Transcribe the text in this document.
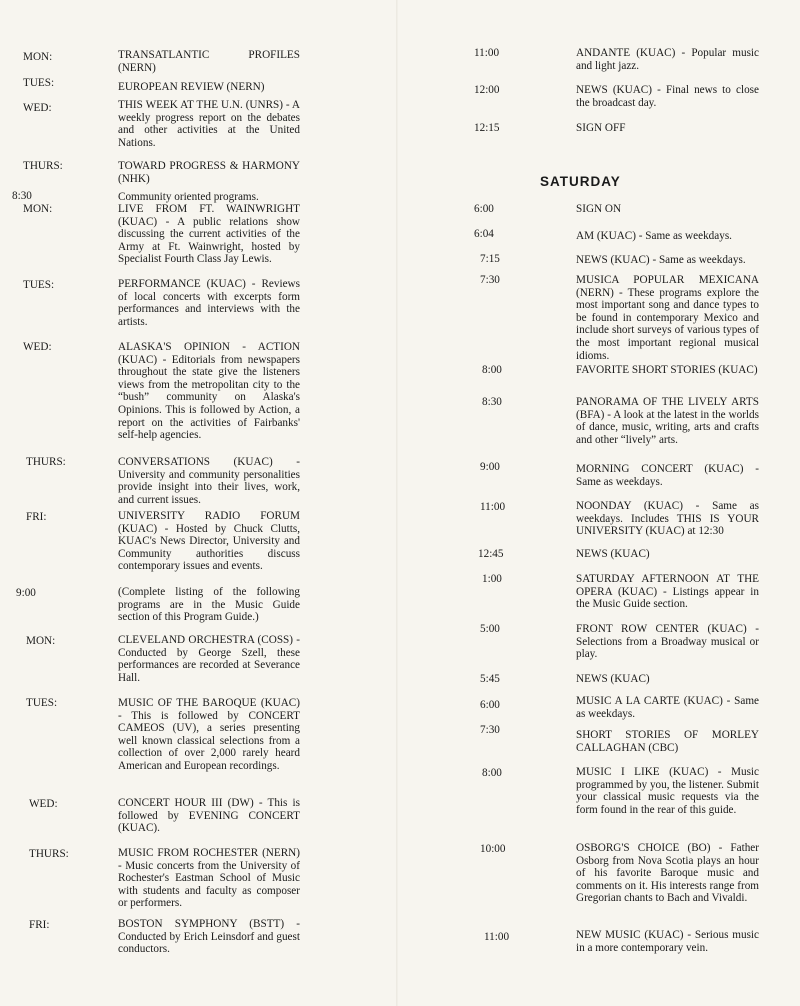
MON:	TRANSATLANTIC PROFILES (NERN)
TUES:	EUROPEAN REVIEW (NERN)
WED:	THIS WEEK AT THE U.N. (UNRS) - A weekly progress report on the debates and other activities at the United Nations.
THURS:	TOWARD PROGRESS & HARMONY (NHK)
8:30	Community oriented programs.
MON:	LIVE FROM FT. WAINWRIGHT (KUAC) - A public relations show discussing the current activities of the Army at Ft. Wainwright, hosted by Specialist Fourth Class Jay Lewis.
TUES:	PERFORMANCE (KUAC) - Reviews of local concerts with excerpts form performances and interviews with the artists.
WED:	ALASKA'S OPINION - ACTION (KUAC) - Editorials from newspapers throughout the state give the listeners views from the metropolitan city to the “bush” community on Alaska's Opinions. This is followed by Action, a report on the activities of Fairbanks' self-help agencies.
THURS:	CONVERSATIONS (KUAC) - University and community personalities provide insight into their lives, work, and current issues.
FRI:	UNIVERSITY RADIO FORUM (KUAC) - Hosted by Chuck Clutts, KUAC's News Director, University and Community authorities discuss contemporary issues and events.
9:00	(Complete listing of the following programs are in the Music Guide section of this Program Guide.)
MON:	CLEVELAND ORCHESTRA (COSS) - Conducted by George Szell, these performances are recorded at Severance Hall.
TUES:	MUSIC OF THE BAROQUE (KUAC) - This is followed by CONCERT CAMEOS (UV), a series presenting well known classical selections from a collection of over 2,000 rarely heard American and European recordings.
WED:	CONCERT HOUR III (DW) - This is followed by EVENING CONCERT (KUAC).
THURS:	MUSIC FROM ROCHESTER (NERN) - Music concerts from the University of Rochester's Eastman School of Music with students and faculty as composer or performers.
FRI:	BOSTON SYMPHONY (BSTT) - Conducted by Erich Leinsdorf and guest conductors.
11:00	ANDANTE (KUAC) - Popular music and light jazz.
12:00	NEWS (KUAC) - Final news to close the broadcast day.
12:15	SIGN OFF
SATURDAY
6:00	SIGN ON
6:04	AM (KUAC) - Same as weekdays.
7:15	NEWS (KUAC) - Same as weekdays.
7:30	MUSICA POPULAR MEXICANA (NERN) - These programs explore the most important song and dance types to be found in contemporary Mexico and include short surveys of various types of the most important regional musical idioms.
8:00	FAVORITE SHORT STORIES (KUAC)
8:30	PANORAMA OF THE LIVELY ARTS (BFA) - A look at the latest in the worlds of dance, music, writing, arts and crafts and other “lively” arts.
9:00	MORNING CONCERT (KUAC) - Same as weekdays.
11:00	NOONDAY (KUAC) - Same as weekdays. Includes THIS IS YOUR UNIVERSITY (KUAC) at 12:30
12:45	NEWS (KUAC)
1:00	SATURDAY AFTERNOON AT THE OPERA (KUAC) - Listings appear in the Music Guide section.
5:00	FRONT ROW CENTER (KUAC) - Selections from a Broadway musical or play.
5:45	NEWS (KUAC)
6:00	MUSIC A LA CARTE (KUAC) - Same as weekdays.
7:30	SHORT STORIES OF MORLEY CALLAGHAN (CBC)
8:00	MUSIC I LIKE (KUAC) - Music programmed by you, the listener. Submit your classical music requests via the form found in the rear of this guide.
10:00	OSBORG'S CHOICE (BO) - Father Osborg from Nova Scotia plays an hour of his favorite Baroque music and comments on it. His interests range from Gregorian chants to Bach and Vivaldi.
11:00	NEW MUSIC (KUAC) - Serious music in a more contemporary vein.
